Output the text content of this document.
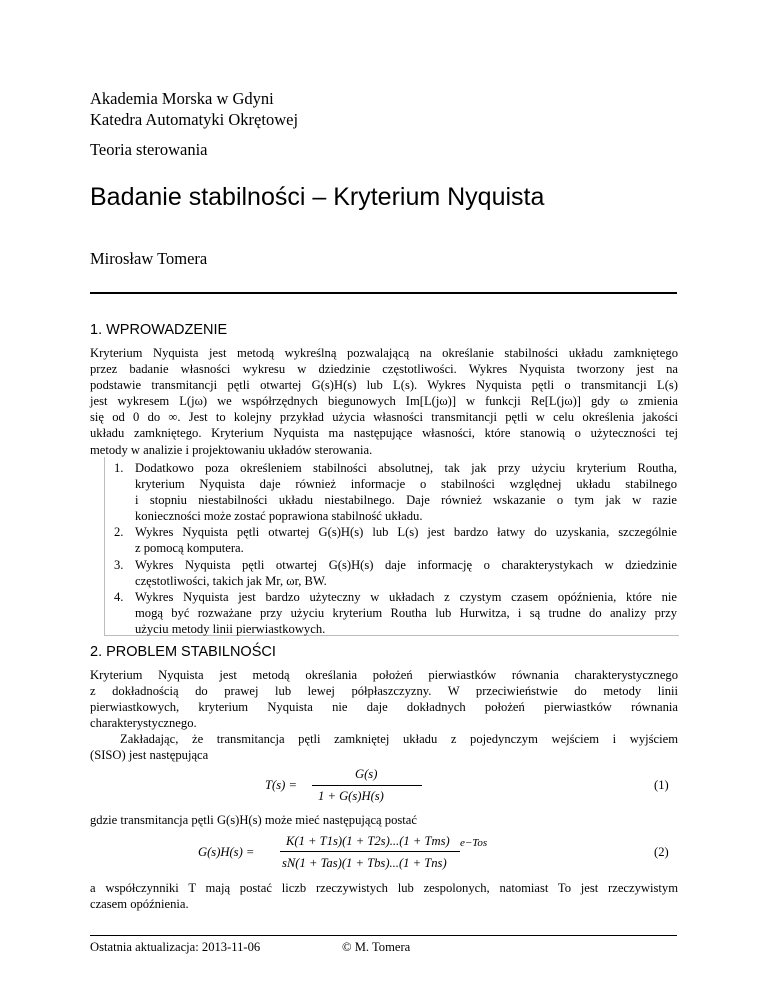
Akademia Morska w Gdyni
Katedra Automatyki Okrętowej
Teoria sterowania
Badanie stabilności – Kryterium Nyquista
Mirosław Tomera
1. WPROWADZENIE
Kryterium Nyquista jest metodą wykreślną pozwalającą na określanie stabilności układu zamkniętego
przez badanie własności wykresu w dziedzinie częstotliwości. Wykres Nyquista tworzony jest na
podstawie transmitancji pętli otwartej G(s)H(s) lub L(s). Wykres Nyquista pętli o transmitancji L(s)
jest wykresem L(jω) we współrzędnych biegunowych Im[L(jω)] w funkcji Re[L(jω)] gdy ω zmienia
się od 0 do ∞. Jest to kolejny przykład użycia własności transmitancji pętli w celu określenia jakości
układu zamkniętego. Kryterium Nyquista ma następujące własności, które stanowią o użyteczności tej
metody w analizie i projektowaniu układów sterowania.
1. Dodatkowo poza określeniem stabilności absolutnej, tak jak przy użyciu kryterium Routha,
kryterium Nyquista daje również informacje o stabilności względnej układu stabilnego
i stopniu niestabilności układu niestabilnego. Daje również wskazanie o tym jak w razie
konieczności może zostać poprawiona stabilność układu.
2. Wykres Nyquista pętli otwartej G(s)H(s) lub L(s) jest bardzo łatwy do uzyskania, szczególnie
z pomocą komputera.
3. Wykres Nyquista pętli otwartej G(s)H(s) daje informację o charakterystykach w dziedzinie
częstotliwości, takich jak Mr, ωr, BW.
4. Wykres Nyquista jest bardzo użyteczny w układach z czystym czasem opóźnienia, które nie
mogą być rozważane przy użyciu kryterium Routha lub Hurwitza, i są trudne do analizy przy
użyciu metody linii pierwiastkowych.
2. PROBLEM STABILNOŚCI
Kryterium Nyquista jest metodą określania położeń pierwiastków równania charakterystycznego
z dokładnością do prawej lub lewej półpłaszczyzny. W przeciwieństwie do metody linii
pierwiastkowych, kryterium Nyquista nie daje dokładnych położeń pierwiastków równania
charakterystycznego.
Zakładając, że transmitancja pętli zamkniętej układu z pojedynczym wejściem i wyjściem
(SISO) jest następująca
T(s) =
G(s)
1 + G(s)H(s)
(1)
gdzie transmitancja pętli G(s)H(s) może mieć następującą postać
G(s)H(s) =
K(1 + T1s)(1 + T2s)...(1 + Tms)
sN(1 + Tas)(1 + Tbs)...(1 + Tns)
e−Tos
(2)
a współczynniki T mają postać liczb rzeczywistych lub zespolonych, natomiast To jest rzeczywistym
czasem opóźnienia.
Ostatnia aktualizacja: 2013-11-06	© M. Tomera
